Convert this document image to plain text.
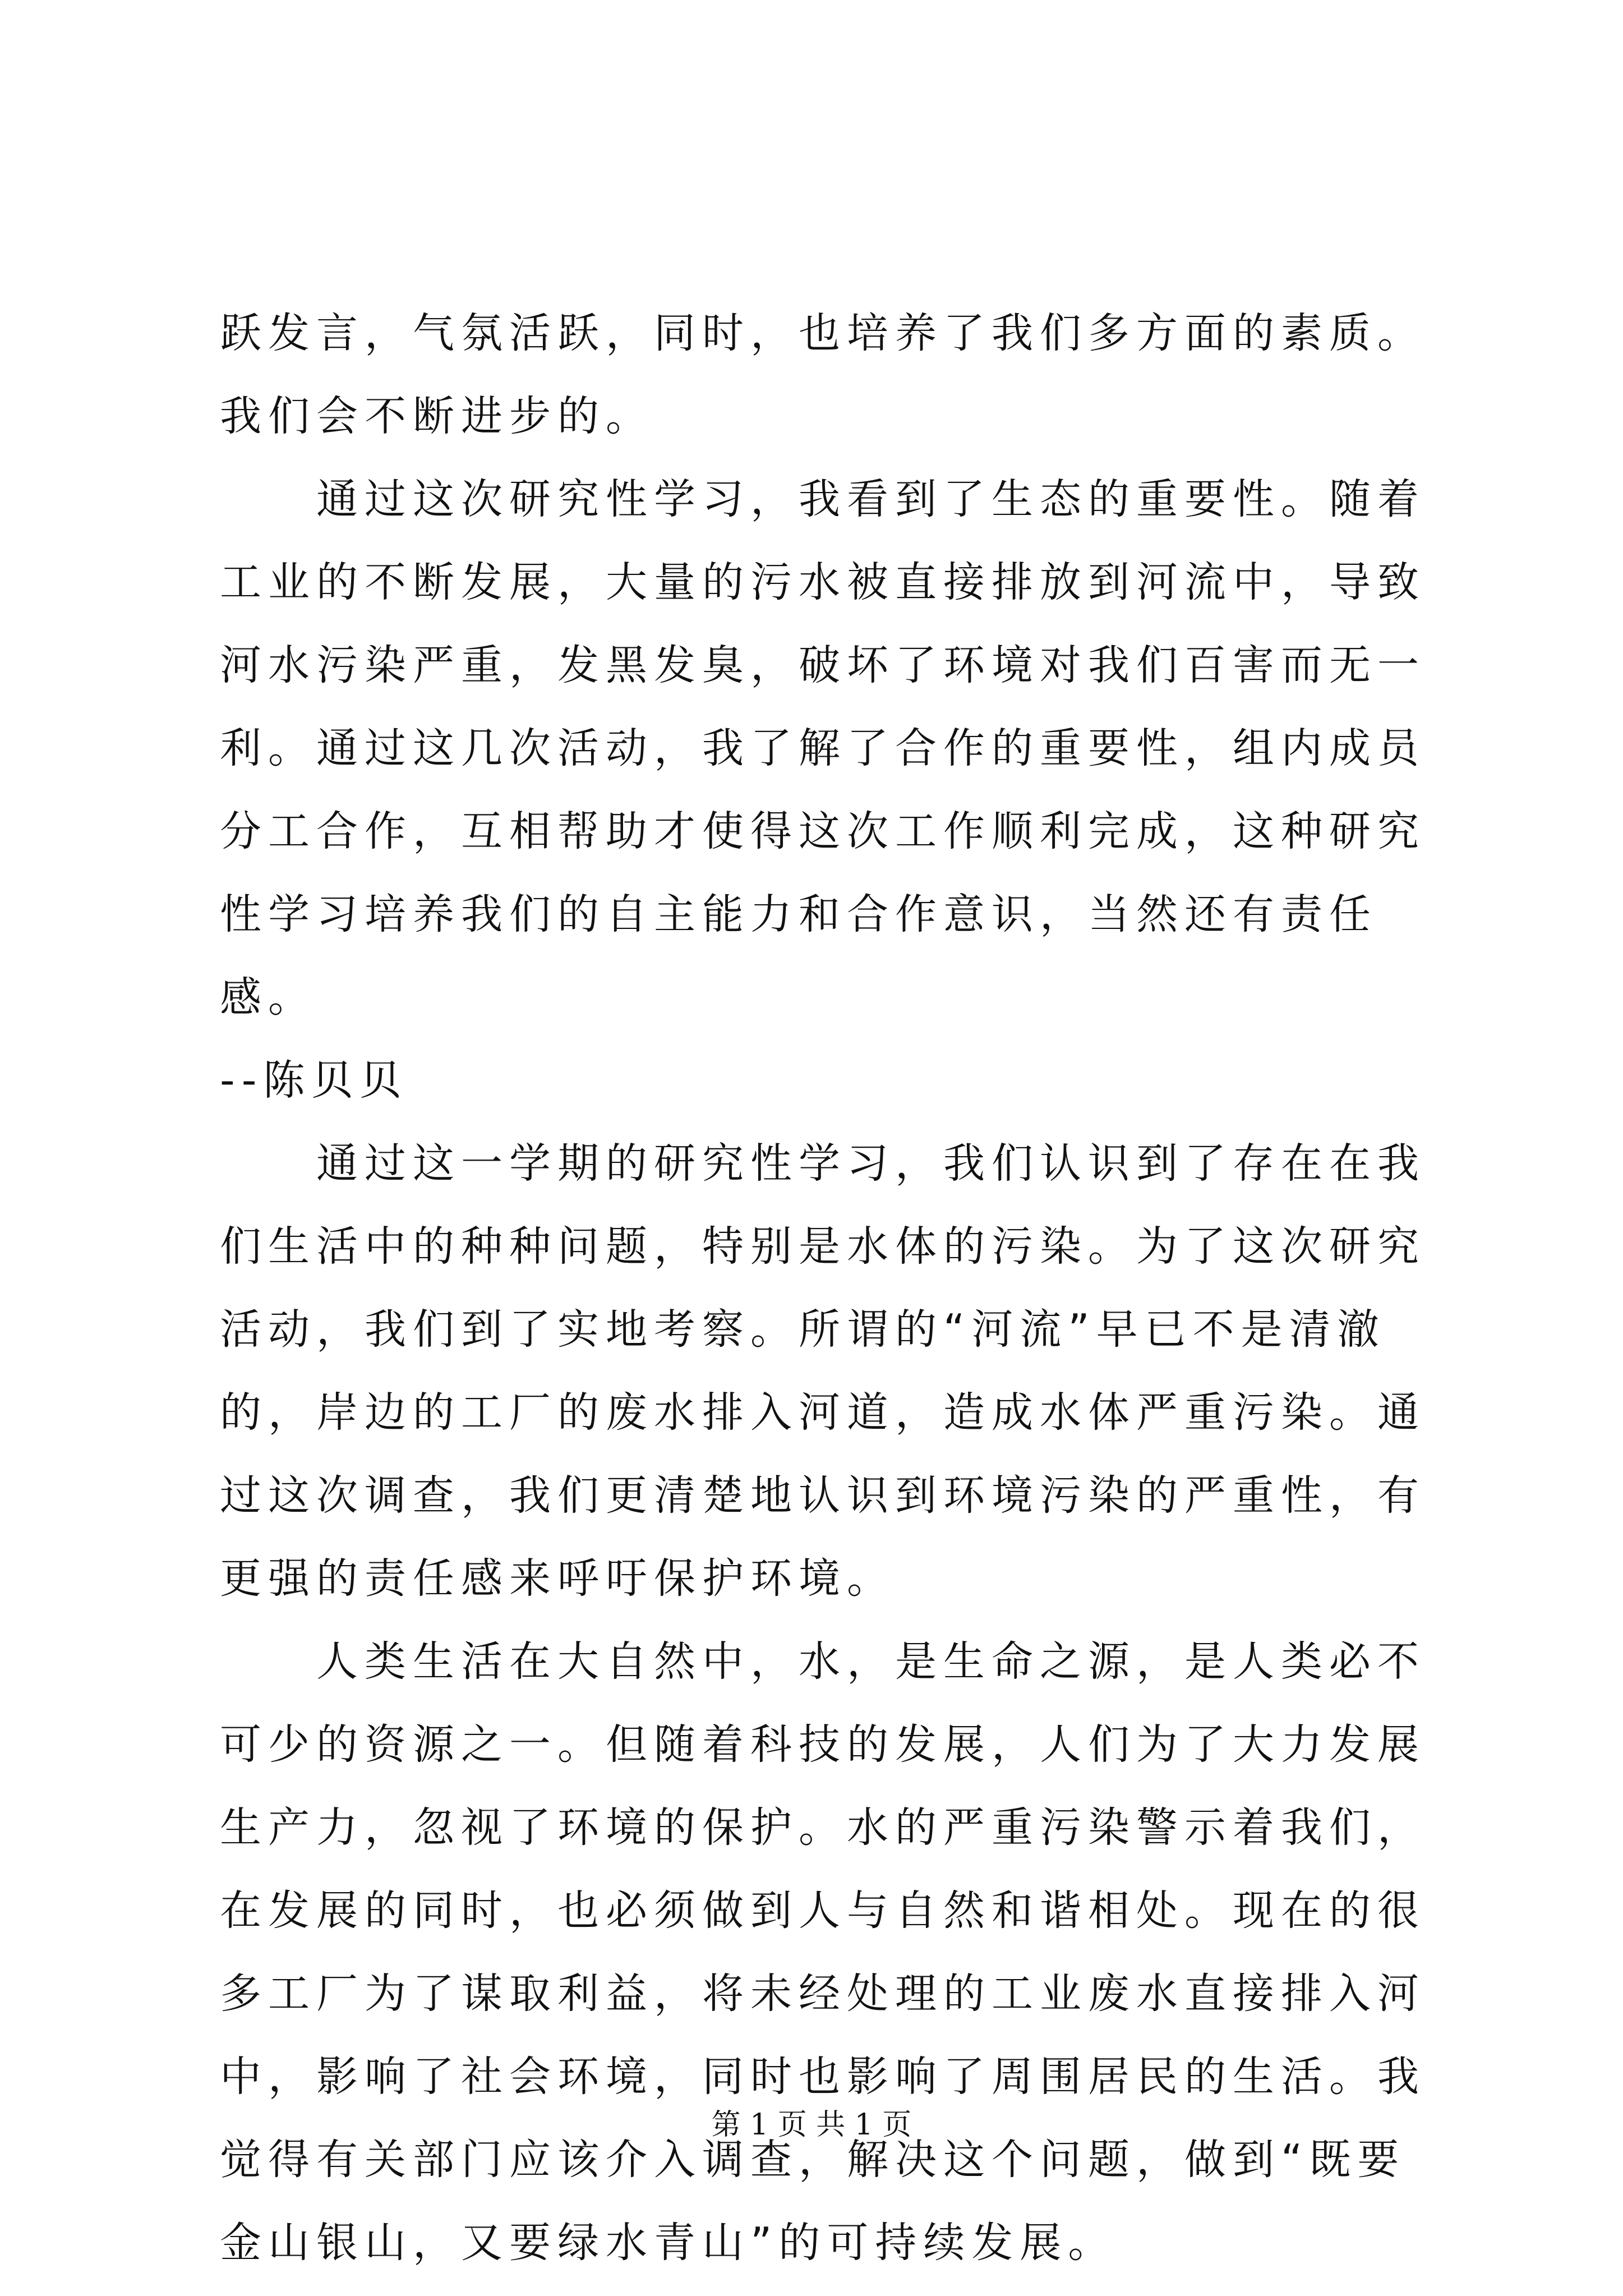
跃发言，气氛活跃，同时，也培养了我们多方面的素质。我们会不断进步的。

通过这次研究性学习，我看到了生态的重要性。随着工业的不断发展，大量的污水被直接排放到河流中，导致河水污染严重，发黑发臭，破坏了环境对我们百害而无一利。通过这几次活动，我了解了合作的重要性，组内成员分工合作，互相帮助才使得这次工作顺利完成，这种研究性学习培养我们的自主能力和合作意识，当然还有责任感。

--陈贝贝

通过这一学期的研究性学习，我们认识到了存在在我们生活中的种种问题，特别是水体的污染。为了这次研究活动，我们到了实地考察。所谓的“河流”早已不是清澈的，岸边的工厂的废水排入河道，造成水体严重污染。通过这次调查，我们更清楚地认识到环境污染的严重性，有更强的责任感来呼吁保护环境。

人类生活在大自然中，水，是生命之源，是人类必不可少的资源之一。但随着科技的发展，人们为了大力发展生产力，忽视了环境的保护。水的严重污染警示着我们，在发展的同时，也必须做到人与自然和谐相处。现在的很多工厂为了谋取利益，将未经处理的工业废水直接排入河中，影响了社会环境，同时也影响了周围居民的生活。我觉得有关部门应该介入调查，解决这个问题，做到“既要金山银山，又要绿水青山”的可持续发展。

第 1 页 共 1 页
